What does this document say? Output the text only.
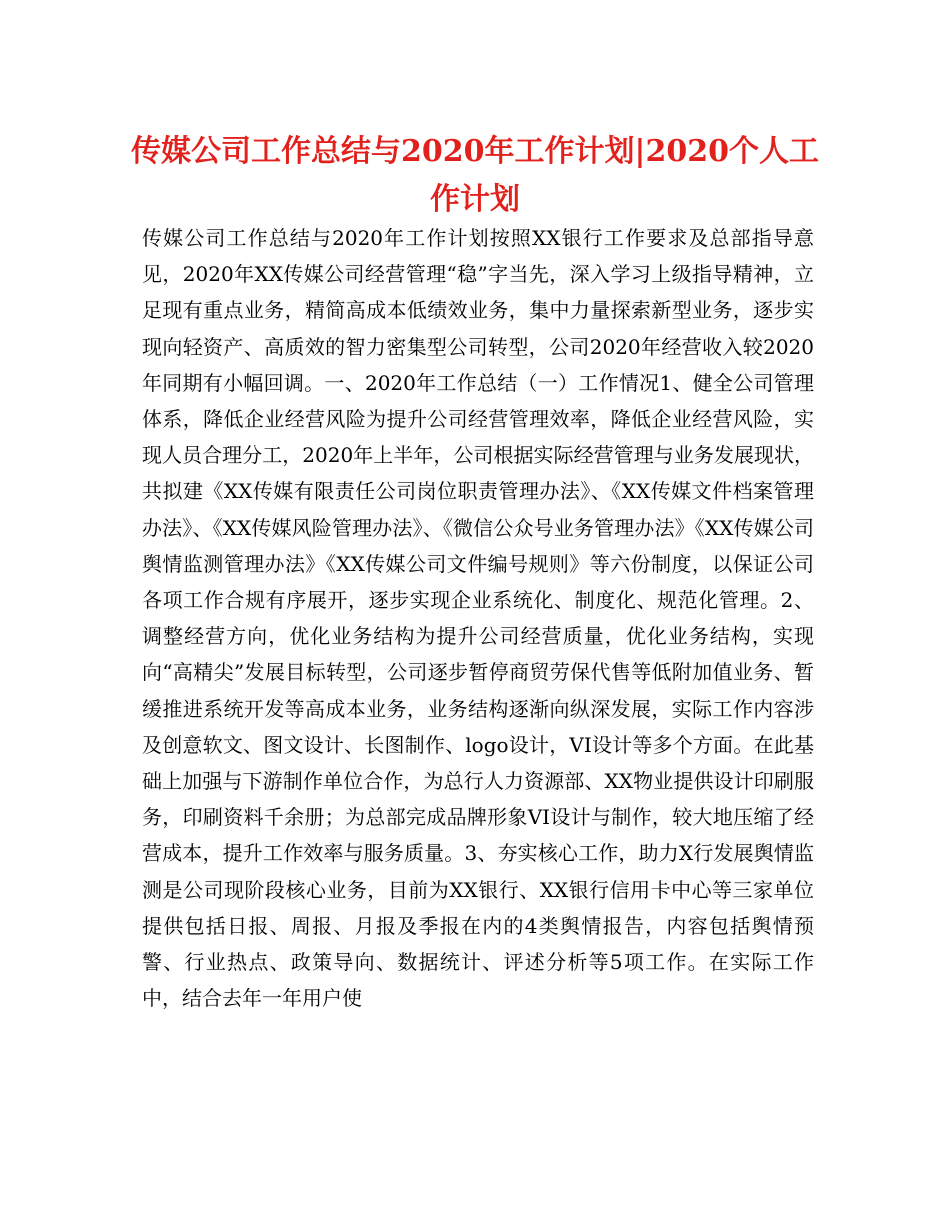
传媒公司工作总结与2020年工作计划|2020个人工作计划

传媒公司工作总结与2020年工作计划按照XX银行工作要求及总部指导意见，2020年XX传媒公司经营管理“稳”字当先，深入学习上级指导精神，立足现有重点业务，精简高成本低绩效业务，集中力量探索新型业务，逐步实现向轻资产、高质效的智力密集型公司转型，公司2020年经营收入较2020年同期有小幅回调。一、2020年工作总结（一）工作情况1、健全公司管理体系，降低企业经营风险为提升公司经营管理效率，降低企业经营风险，实现人员合理分工，2020年上半年，公司根据实际经营管理与业务发展现状，共拟建《XX传媒有限责任公司岗位职责管理办法》、《XX传媒文件档案管理办法》、《XX传媒风险管理办法》、《微信公众号业务管理办法》《XX传媒公司舆情监测管理办法》《XX传媒公司文件编号规则》等六份制度，以保证公司各项工作合规有序展开，逐步实现企业系统化、制度化、规范化管理。2、调整经营方向，优化业务结构为提升公司经营质量，优化业务结构，实现向“高精尖”发展目标转型，公司逐步暂停商贸劳保代售等低附加值业务、暂缓推进系统开发等高成本业务，业务结构逐渐向纵深发展，实际工作内容涉及创意软文、图文设计、长图制作、logo设计，VI设计等多个方面。在此基础上加强与下游制作单位合作，为总行人力资源部、XX物业提供设计印刷服务，印刷资料千余册；为总部完成品牌形象VI设计与制作，较大地压缩了经营成本，提升工作效率与服务质量。3、夯实核心工作，助力X行发展舆情监测是公司现阶段核心业务，目前为XX银行、XX银行信用卡中心等三家单位提供包括日报、周报、月报及季报在内的4类舆情报告，内容包括舆情预警、行业热点、政策导向、数据统计、评述分析等5项工作。在实际工作中，结合去年一年用户使
